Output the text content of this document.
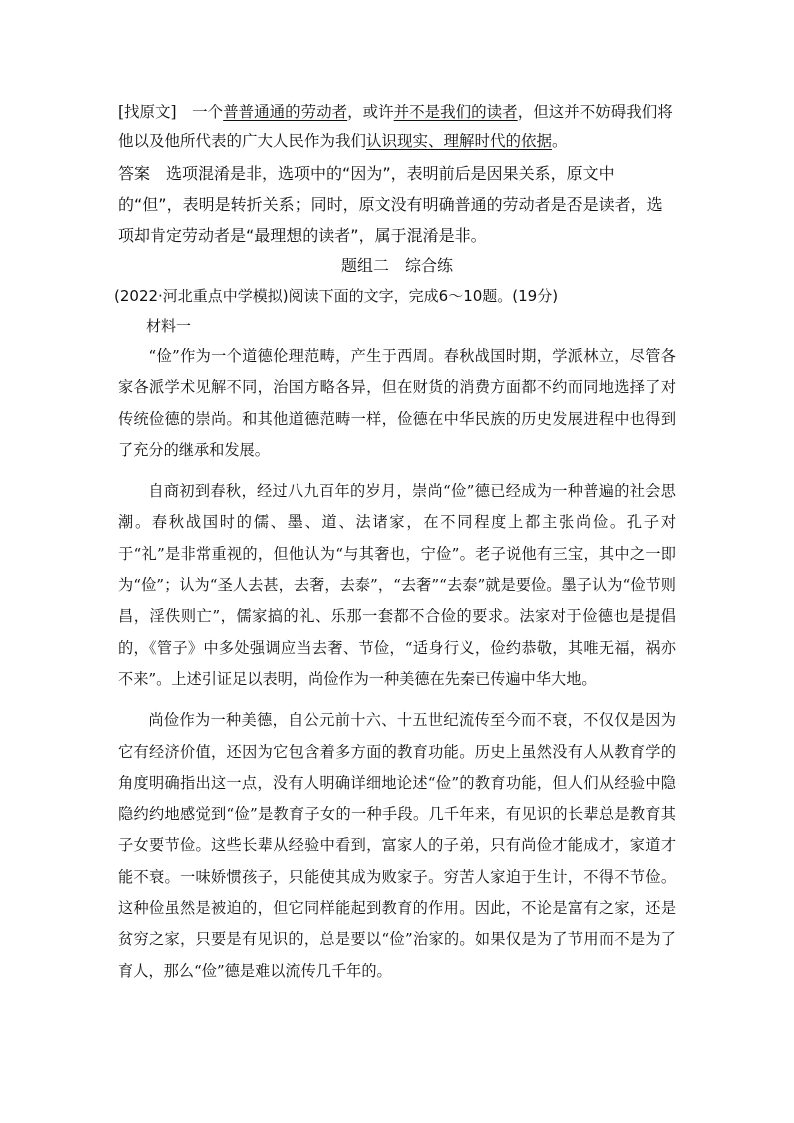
[找原文]　 一个普普通通的劳动者，或许并不是我们的读者，但这并不妨碍我们将他以及他所代表的广大人民作为我们认识现实、理解时代的依据。

答案　 选项混淆是非，选项中的“因为”，表明前后是因果关系，原文中的“但”，表明是转折关系；同时，原文没有明确普通的劳动者是否是读者，选项却肯定劳动者是“最理想的读者”，属于混淆是非。

题组二　综合练
(2022·河北重点中学模拟)阅读下面的文字，完成6～10题。(19分)
材料一

“俭”作为一个道德伦理范畴，产生于西周。春秋战国时期，学派林立，尽管各家各派学术见解不同，治国方略各异，但在财货的消费方面都不约而同地选择了对传统俭德的崇尚。和其他道德范畴一样，俭德在中华民族的历史发展进程中也得到了充分的继承和发展。

自商初到春秋，经过八九百年的岁月，崇尚“俭”德已经成为一种普遍的社会思潮。春秋战国时的儒、墨、道、法诸家，在不同程度上都主张尚俭。孔子对于“礼”是非常重视的，但他认为“与其奢也，宁俭”。老子说他有三宝，其中之一即为“俭”；认为“圣人去甚，去奢，去泰”，“去奢”“去泰”就是要俭。墨子认为“俭节则昌，淫佚则亡”，儒家搞的礼、乐那一套都不合俭的要求。法家对于俭德也是提倡的，《管子》中多处强调应当去奢、节俭，“适身行义，俭约恭敬，其唯无福，祸亦不来”。上述引证足以表明，尚俭作为一种美德在先秦已传遍中华大地。

尚俭作为一种美德，自公元前十六、十五世纪流传至今而不衰，不仅仅是因为它有经济价值，还因为它包含着多方面的教育功能。历史上虽然没有人从教育学的角度明确指出这一点，没有人明确详细地论述“俭”的教育功能，但人们从经验中隐隐约约地感觉到“俭”是教育子女的一种手段。几千年来，有见识的长辈总是教育其子女要节俭。这些长辈从经验中看到，富家人的子弟，只有尚俭才能成才，家道才能不衰。一味娇惯孩子，只能使其成为败家子。穷苦人家迫于生计，不得不节俭。这种俭虽然是被迫的，但它同样能起到教育的作用。因此，不论是富有之家，还是贫穷之家，只要是有见识的，总是要以“俭”治家的。如果仅是为了节用而不是为了育人，那么“俭”德是难以流传几千年的。
